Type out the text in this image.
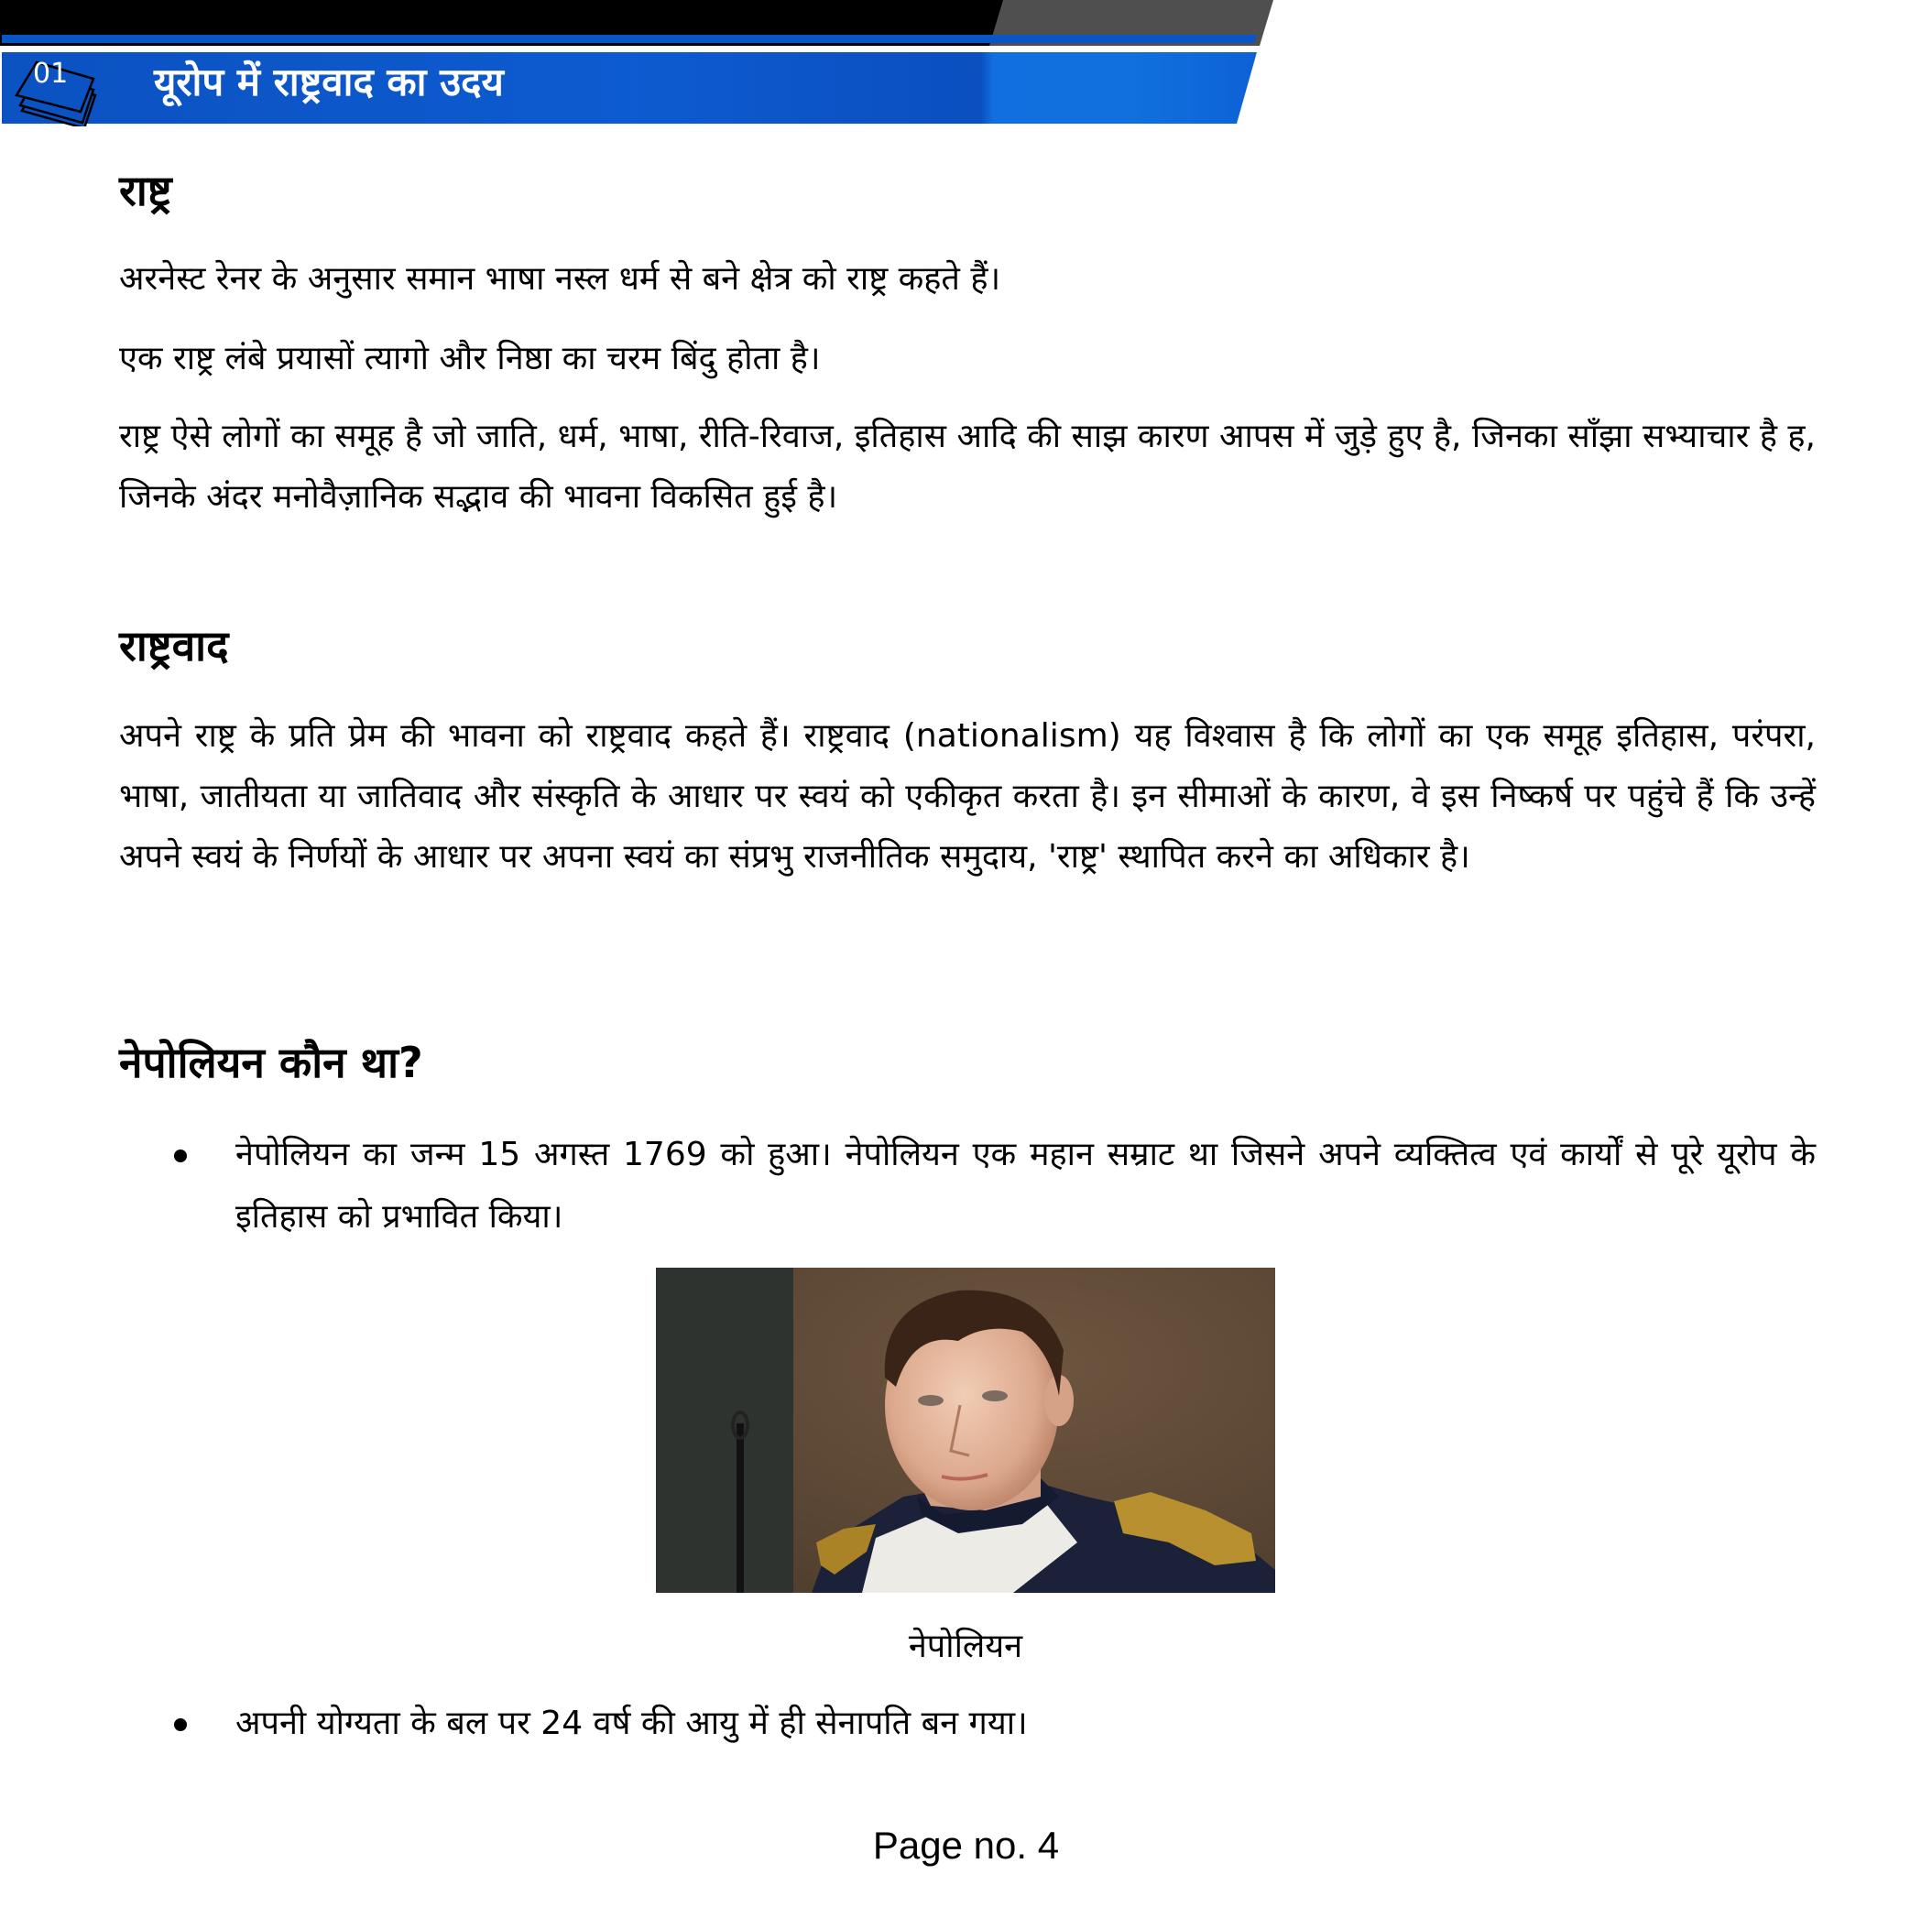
01 यूरोप में राष्ट्रवाद का उदय
राष्ट्र
अरनेस्ट रेनर के अनुसार समान भाषा नस्ल धर्म से बने क्षेत्र को राष्ट्र कहते हैं।
एक राष्ट्र लंबे प्रयासों त्यागो और निष्ठा का चरम बिंदु होता है।
राष्ट्र ऐसे लोगों का समूह है जो जाति, धर्म, भाषा, रीति-रिवाज, इतिहास आदि की साझ कारण आपस में जुड़े हुए है, जिनका साँझा सभ्याचार है ह, जिनके अंदर मनोवैज़ानिक सद्भाव की भावना विकसित हुई है।
राष्ट्रवाद
अपने राष्ट्र के प्रति प्रेम की भावना को राष्ट्रवाद कहते हैं। राष्ट्रवाद (nationalism) यह विश्वास है कि लोगों का एक समूह इतिहास, परंपरा, भाषा, जातीयता या जातिवाद और संस्कृति के आधार पर स्वयं को एकीकृत करता है। इन सीमाओं के कारण, वे इस निष्कर्ष पर पहुंचे हैं कि उन्हें अपने स्वयं के निर्णयों के आधार पर अपना स्वयं का संप्रभु राजनीतिक समुदाय, 'राष्ट्र' स्थापित करने का अधिकार है।
नेपोलियन कौन था?
नेपोलियन का जन्म 15 अगस्त 1769 को हुआ। नेपोलियन एक महान सम्राट था जिसने अपने व्यक्तित्व एवं कार्यों से पूरे यूरोप के इतिहास को प्रभावित किया।
नेपोलियन
अपनी योग्यता के बल पर 24 वर्ष की आयु में ही सेनापति बन गया।
Page no. 4
